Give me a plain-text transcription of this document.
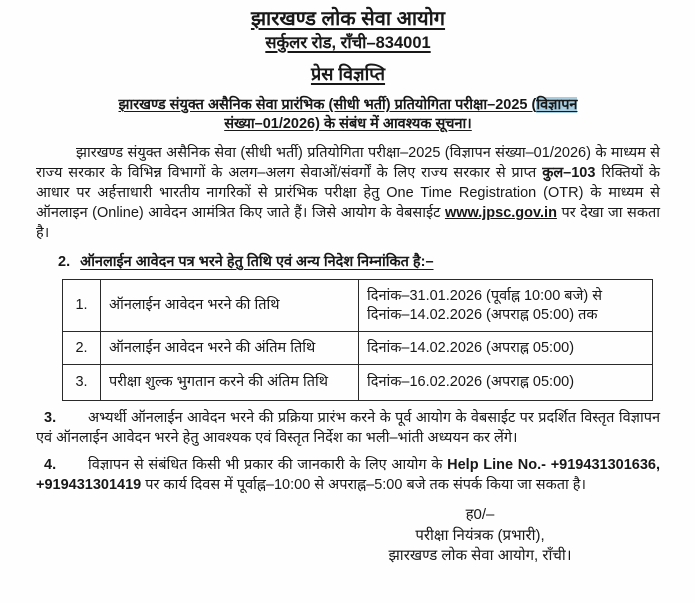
झारखण्ड लोक सेवा आयोग
सर्कुलर रोड, राँची–834001
प्रेस विज्ञप्ति
झारखण्ड संयुक्त असैनिक सेवा प्रारंभिक (सीधी भर्ती) प्रतियोगिता परीक्षा–2025 (विज्ञापन
संख्या–01/2026) के संबंध में आवश्यक सूचना।
झारखण्ड संयुक्त असैनिक सेवा (सीधी भर्ती) प्रतियोगिता परीक्षा–2025 (विज्ञापन संख्या–01/2026) के माध्यम से राज्य सरकार के विभिन्न विभागों के अलग–अलग सेवाओं/संवर्गों के लिए राज्य सरकार से प्राप्त कुल–103 रिक्तियों के आधार पर अर्हत्ताधारी भारतीय नागरिकों से प्रारंभिक परीक्षा हेतु One Time Registration (OTR) के माध्यम से ऑनलाइन (Online) आवेदन आमंत्रित किए जाते हैं। जिसे आयोग के वेबसाईट www.jpsc.gov.in पर देखा जा सकता है।
2. ऑनलाईन आवेदन पत्र भरने हेतु तिथि एवं अन्य निदेश निम्नांकित है:–
1.	ऑनलाईन आवेदन भरने की तिथि	दिनांक–31.01.2026 (पूर्वाह्न 10:00 बजे) से
दिनांक–14.02.2026 (अपराह्न 05:00) तक

2.	ऑनलाईन आवेदन भरने की अंतिम तिथि	दिनांक–14.02.2026 (अपराह्न 05:00)

3.	परीक्षा शुल्क भुगतान करने की अंतिम तिथि	दिनांक–16.02.2026 (अपराह्न 05:00)
3. अभ्यर्थी ऑनलाईन आवेदन भरने की प्रक्रिया प्रारंभ करने के पूर्व आयोग के वेबसाईट पर प्रदर्शित विस्तृत विज्ञापन एवं ऑनलाईन आवेदन भरने हेतु आवश्यक एवं विस्तृत निर्देश का भली–भांती अध्ययन कर लेंगे।
4. विज्ञापन से संबंधित किसी भी प्रकार की जानकारी के लिए आयोग के Help Line No.- +919431301636, +919431301419 पर कार्य दिवस में पूर्वाह्न–10:00 से अपराह्न–5:00 बजे तक संपर्क किया जा सकता है।
ह0/–
परीक्षा नियंत्रक (प्रभारी),
झारखण्ड लोक सेवा आयोग, राँची।
